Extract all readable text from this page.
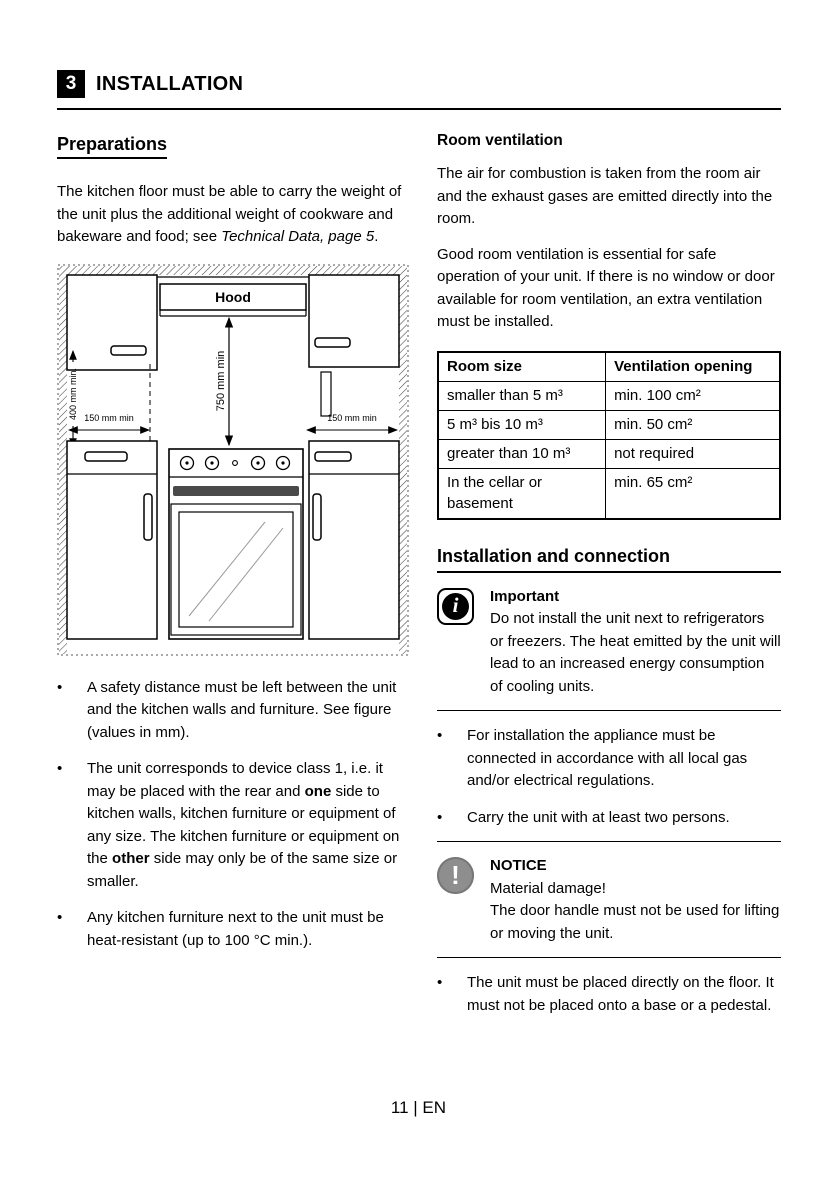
3 INSTALLATION
Preparations

The kitchen floor must be able to carry the weight of the unit plus the additional weight of cookware and bakeware and food; see Technical Data, page 5.

Hood
750 mm min
400 mm min. 150 mm min	150 mm min
•	A safety distance must be left between the unit and the kitchen walls and furniture. See figure (values in mm).
•	The unit corresponds to device class 1, i.e. it may be placed with the rear and one side to kitchen walls, kitchen furniture or equipment of any size. The kitchen furniture or equipment on the other side may only be of the same size or smaller.
•	Any kitchen furniture next to the unit must be heat-resistant (up to 100 °C min.).
Room ventilation

The air for combustion is taken from the room air and the exhaust gases are emitted directly into the room.

Good room ventilation is essential for safe operation of your unit. If there is no window or door available for room ventilation, an extra ventilation must be installed.

Room size	Ventilation opening
smaller than 5 m³	min. 100 cm²
5 m³ bis 10 m³	min. 50 cm²
greater than 10 m³	not required
In the cellar or basement	min. 65 cm²
Installation and connection
i	Important
Do not install the unit next to refrigerators or freezers. The heat emitted by the unit will lead to an increased energy consumption of cooling units.
•	For installation the appliance must be connected in accordance with all local gas and/or electrical regulations.
•	Carry the unit with at least two persons.
!	NOTICE
Material damage!
The door handle must not be used for lifting or moving the unit.
•	The unit must be placed directly on the floor. It must not be placed onto a base or a pedestal.
11 | EN
